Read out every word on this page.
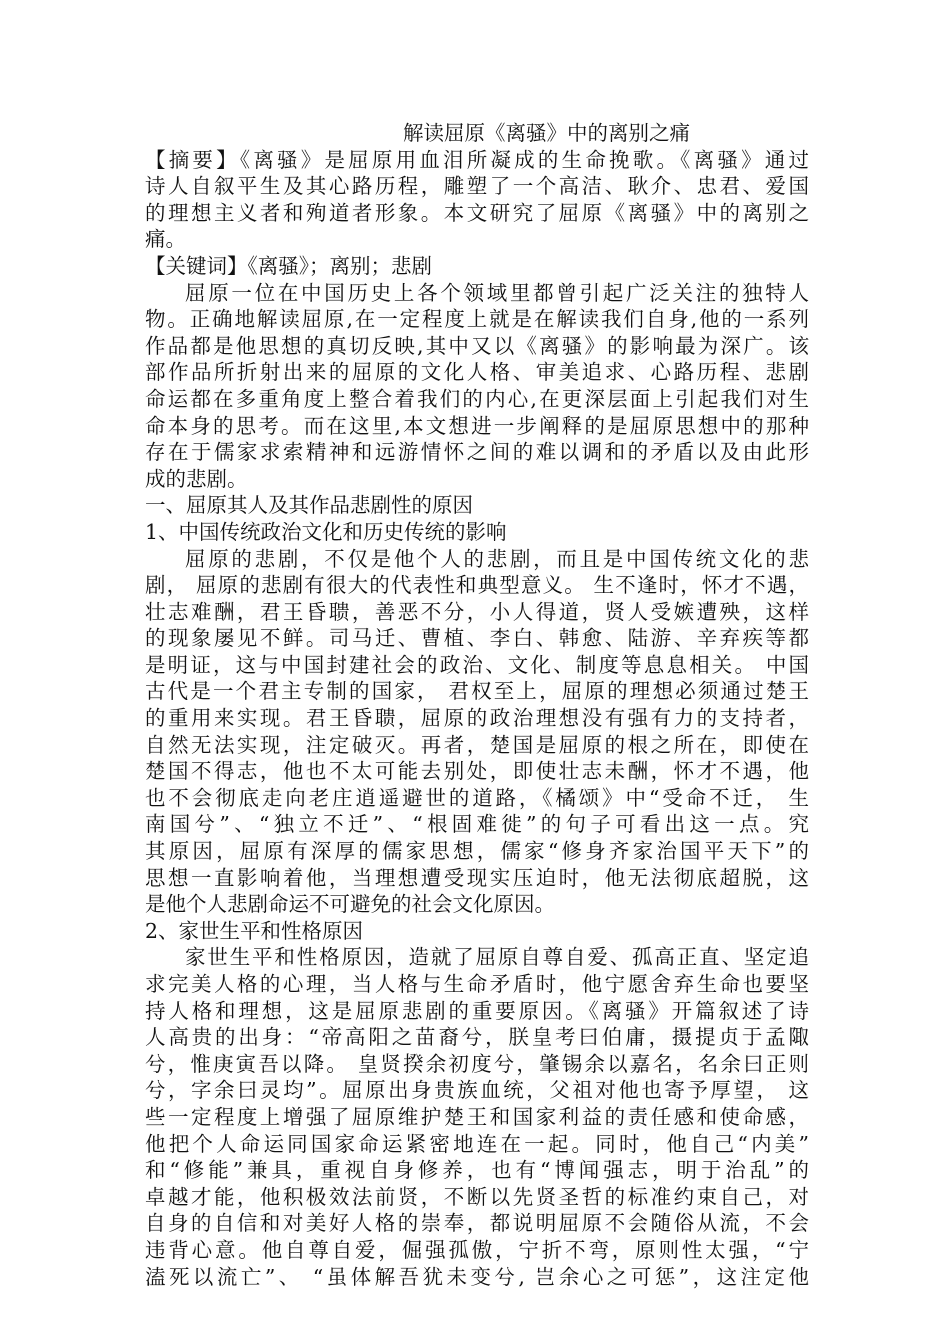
解读屈原《离骚》中的离别之痛
【摘要】《离骚》是屈原用血泪所凝成的生命挽歌。《离骚》通过
诗人自叙平生及其心路历程，雕塑了一个高洁、耿介、忠君、爱国
的理想主义者和殉道者形象。本文研究了屈原《离骚》中的离别之
痛。
【关键词】《离骚》；离别；悲剧
屈原一位在中国历史上各个领域里都曾引起广泛关注的独特人
物。正确地解读屈原,在一定程度上就是在解读我们自身,他的一系列
作品都是他思想的真切反映,其中又以《离骚》的影响最为深广。该
部作品所折射出来的屈原的文化人格、审美追求、心路历程、悲剧
命运都在多重角度上整合着我们的内心,在更深层面上引起我们对生
命本身的思考。而在这里,本文想进一步阐释的是屈原思想中的那种
存在于儒家求索精神和远游情怀之间的难以调和的矛盾以及由此形
成的悲剧。
一、屈原其人及其作品悲剧性的原因
1、中国传统政治文化和历史传统的影响
屈原的悲剧，不仅是他个人的悲剧，而且是中国传统文化的悲
剧， 屈原的悲剧有很大的代表性和典型意义。 生不逢时，怀才不遇，
壮志难酬，君王昏聩，善恶不分，小人得道，贤人受嫉遭殃，这样
的现象屡见不鲜。司马迁、曹植、李白、韩愈、陆游、辛弃疾等都
是明证，这与中国封建社会的政治、文化、制度等息息相关。 中国
古代是一个君主专制的国家， 君权至上，屈原的理想必须通过楚王
的重用来实现。君王昏聩，屈原的政治理想没有强有力的支持者，
自然无法实现，注定破灭。再者，楚国是屈原的根之所在，即使在
楚国不得志，他也不太可能去别处，即使壮志未酬，怀才不遇，他
也不会彻底走向老庄逍遥避世的道路，《橘颂》中“受命不迁， 生
南国兮”、“独立不迁”、“根固难徙”的句子可看出这一点。究
其原因，屈原有深厚的儒家思想，儒家“修身齐家治国平天下”的
思想一直影响着他，当理想遭受现实压迫时，他无法彻底超脱，这
是他个人悲剧命运不可避免的社会文化原因。
2、家世生平和性格原因
家世生平和性格原因，造就了屈原自尊自爱、孤高正直、坚定追
求完美人格的心理，当人格与生命矛盾时，他宁愿舍弃生命也要坚
持人格和理想，这是屈原悲剧的重要原因。《离骚》开篇叙述了诗
人高贵的出身：“帝高阳之苗裔兮，朕皇考曰伯庸，摄提贞于孟陬
兮，惟庚寅吾以降。 皇贤揆余初度兮，肇锡余以嘉名，名余曰正则
兮，字余曰灵均”。屈原出身贵族血统，父祖对他也寄予厚望， 这
些一定程度上增强了屈原维护楚王和国家利益的责任感和使命感，
他把个人命运同国家命运紧密地连在一起。同时，他自己“内美”
和“修能”兼具，重视自身修养，也有“博闻强志，明于治乱”的
卓越才能，他积极效法前贤，不断以先贤圣哲的标准约束自己，对
自身的自信和对美好人格的崇奉，都说明屈原不会随俗从流，不会
违背心意。他自尊自爱，倔强孤傲，宁折不弯，原则性太强，“宁
溘死以流亡”、 “虽体解吾犹未变兮, 岂余心之可惩”，这注定他
